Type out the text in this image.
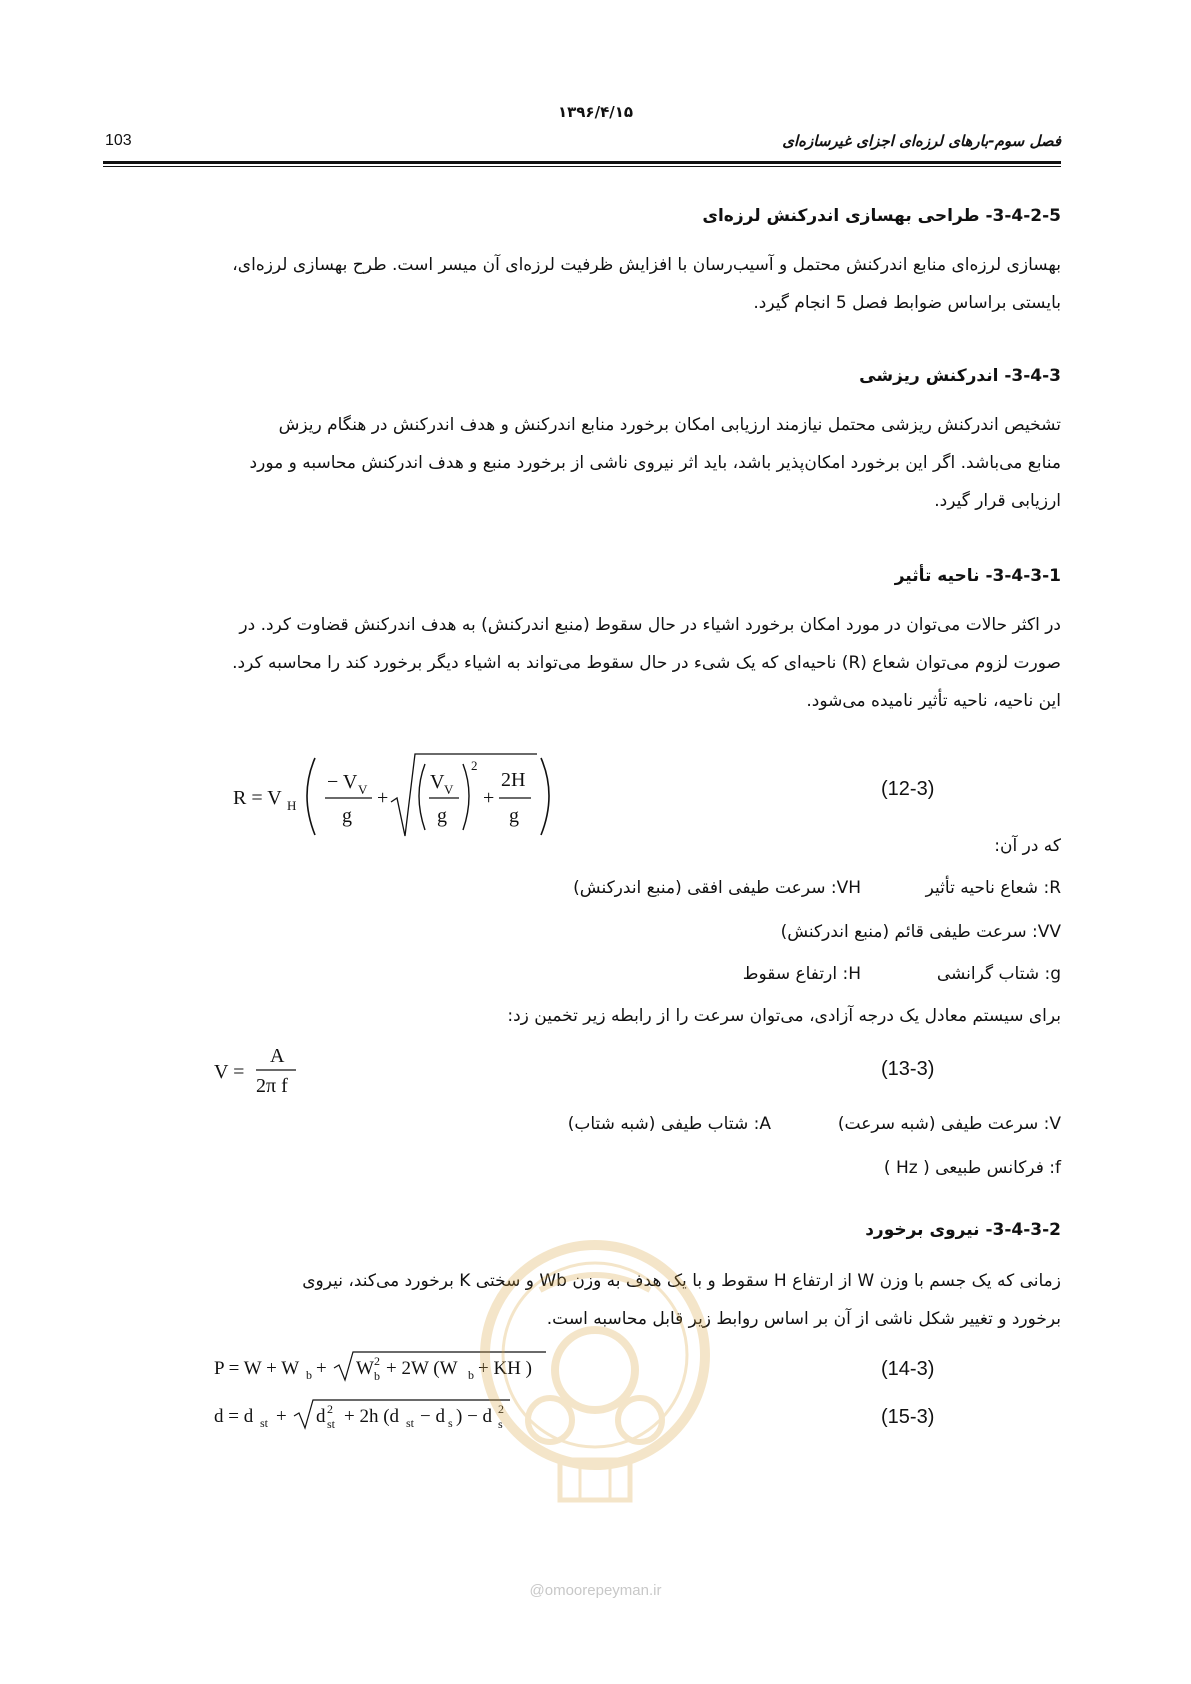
۱۳۹۶/۴/۱۵
103	فصل سوم-بارهای لرزه‌ای اجزای غیرسازه‌ای
3-4-2-5- طراحی بهسازی اندرکنش لرزه‌ای
بهسازی لرزه‌ای منابع اندرکنش محتمل و آسیب‌رسان با افزایش ظرفیت لرزه‌ای آن میسر است. طرح بهسازی لرزه‌ای،
بایستی براساس ضوابط فصل 5 انجام گیرد.
3-4-3- اندرکنش ریزشی
تشخیص اندرکنش ریزشی محتمل نیازمند ارزیابی امکان برخورد منابع اندرکنش و هدف اندرکنش در هنگام ریزش
منابع می‌باشد. اگر این برخورد امکان‌پذیر باشد، باید اثر نیروی ناشی از برخورد منبع و هدف اندرکنش محاسبه و مورد
ارزیابی قرار گیرد.
3-4-3-1- ناحیه تأثیر
در اکثر حالات می‌توان در مورد امکان برخورد اشیاء در حال سقوط (منبع اندرکنش) به هدف اندرکنش قضاوت کرد. در
صورت لزوم می‌توان شعاع (R) ناحیه‌ای که یک شیء در حال سقوط می‌تواند به اشیاء دیگر برخورد کند را محاسبه کرد.
این ناحیه، ناحیه تأثیر نامیده می‌شود.
R = V H
− V V
g
+
V V
g
2
+
2H
g
(12-3)
که در آن:
R: شعاع ناحیه تأثیر
VH: سرعت طیفی افقی (منبع اندرکنش)
VV: سرعت طیفی قائم (منبع اندرکنش)
g: شتاب گرانشی
H: ارتفاع سقوط
برای سیستم معادل یک درجه آزادی، می‌توان سرعت را از رابطه زیر تخمین زد:
V =
A
2π f
(13-3)
V: سرعت طیفی (شبه سرعت)
A: شتاب طیفی (شبه شتاب)
f: فرکانس طبیعی ( Hz )
3-4-3-2- نیروی برخورد
زمانی که یک جسم با وزن W از ارتفاع H سقوط و با یک هدف به وزن Wb و سختی K برخورد می‌کند، نیروی
برخورد و تغییر شکل ناشی از آن بر اساس روابط زیر قابل محاسبه است.
P = W + W b + W 2
b + 2W (W b + KH )	(14-3)
d = d st + d 2
st + 2h (d st − d s ) − d 2
s	(15-3)
@omoorepeyman.ir
